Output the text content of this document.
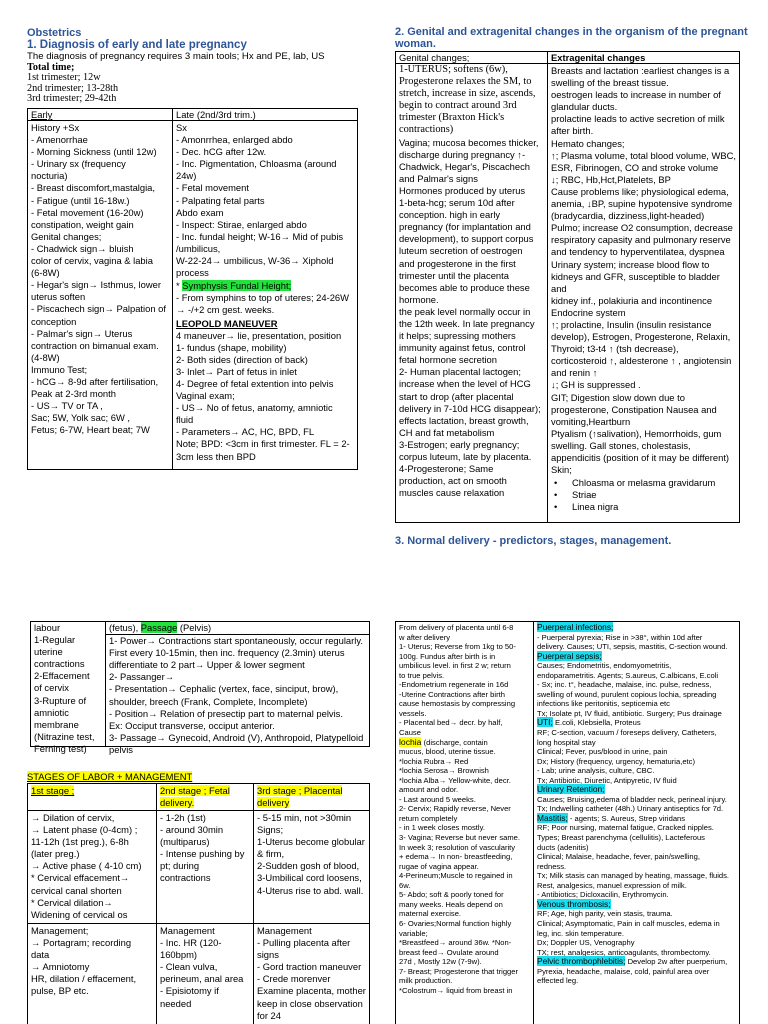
Obstetrics
1. Diagnosis of early and late pregnancy
The diagnosis of pregnancy requires 3 main tools; Hx and PE, lab, US
Total time;
1st trimester; 12w
2nd trimester; 13-28th
3rd trimester; 29-42th
Early
History +Sx
- Amenorrhae
- Morning Sickness (until 12w)
- Urinary sx (frequency
nocturia)
- Breast discomfort,mastalgia,
- Fatigue (until 16-18w.)
- Fetal movement (16-20w)
constipation, weight gain
Genital changes;
- Chadwick sign→ bluish
color of cervix, vagina & labia
(6-8W)
- Hegar's sign→ Isthmus, lower
uterus soften
- Piscachech sign→ Palpation of
conception
- Palmar's sign→ Uterus
contraction on bimanual exam.
(4-8W)
Immuno Test;
- hCG→ 8-9d after fertilisation,
Peak at 2-3rd month
- US→ TV or TA ,
Sac; 5W, Yolk sac; 6W ,
Fetus; 6-7W, Heart beat; 7W
Late (2nd/3rd trim.)
Sx
- Amonrrhea, enlarged abdo
- Dec. hCG after 12w.
- Inc. Pigmentation, Chloasma (around
24w)
- Fetal movement
- Palpating fetal parts
Abdo exam
- Inspect: Stirae, enlarged abdo
- Inc. fundal height; W-16→ Mid of pubis
/umbilicus,
W-22-24→ umbilicus, W-36→ Xiphold
process
* Symphysis Fundal Height;
- From symphins to top of uteres; 24-26W
→ -/+2 cm gest. weeks.
LEOPOLD MANEUVER
4 maneuver→ lie, presentation, position
1- fundus (shape, mobility)
2- Both sides (direction of back)
3- Inlet→ Part of fetus in inlet
4- Degree of fetal extention into pelvis
Vaginal exam;
- US→ No of fetus, anatomy, amniotic
fluid
- Parameters→ AC, HC, BPD, FL
Note; BPD: <3cm in first trimester. FL = 2-
3cm less then BPD
2. Genital and extragenital changes in the organism of the pregnant woman.
Genital changes;
1-UTERUS; softens (6w),
Progesterone relaxes the SM, to
stretch, increase in size, ascends,
begin to contract around 3rd
trimester (Braxton Hick's
contractions)
Vagina; mucosa becomes thicker,
discharge during pregnancy ↑-
Chadwick, Hegar's, Piscachech
and Palmar's signs
Hormones produced by uterus
1-beta-hcg; serum 10d after
conception. high in early
pregnancy (for implantation and
development), to support corpus
luteum secretion of oestrogen
and progesterone in the first
trimester until the placenta
becomes able to produce these
hormone.
the peak level normally occur in
the 12th week. In late pregnancy
it helps; supressing mothers
immunity against fetus, control
fetal hormone secretion
2- Human placental lactogen;
increase when the level of HCG
start to drop (after placental
delivery in 7-10d HCG disappear);
effects lactation, breast growth,
CH and fat metabolism
3-Estrogen; early pregnancy;
corpus luteum, late by placenta.
4-Progesterone; Same
production, act on smooth
muscles cause relaxation
Extragenital changes
Breasts and lactation :earliest changes is a
swelling of the breast tissue.
oestrogen leads to increase in number of
glandular ducts.
prolactine leads to active secretion of milk
after birth.
Hemato changes;
↑; Plasma volume, total blood volume, WBC,
ESR, Fibrinogen, CO and stroke volume
↓; RBC, Hb,Hct,Platelets, BP
Cause problems like; physiological edema,
anemia, ↓BP, supine hypotensive syndrome
(bradycardia, dizziness,light-headed)
Pulmo; increase O2 consumption, decrease
respiratory capasity and pulmonary reserve
and tendency to hyperventilatea, dyspnea
Urinary system; increase blood flow to
kidneys and GFR, susceptible to bladder and
kidney inf., polakiuria and incontinence
Endocrine system
↑; prolactine, Insulin (insulin resistance
develop), Estrogen, Progesterone, Relaxin,
Thyroid; t3-t4 ↑ (tsh decrease),
corticosteroid ↑, aldesterone ↑ , angiotensin
and renin ↑
↓; GH is suppressed .
GIT; Digestion slow down due to
progesterone, Constipation Nausea and
vomiting,Heartburn
Ptyalism (↑salivation), Hemorrhoids, gum
swelling. Gall stones, cholestasis,
appendicitis (position of it may be different)
Skin;
• Chloasma or melasma gravidarum
• Striae
• Linea nigra
3. Normal delivery - predictors, stages, management.
labour
1-Regular
uterine
contractions
2-Effacement
of cervix
3-Rupture of
amniotic
membrane
(Nitrazine test,
Ferning test)
(fetus), Passage (Pelvis)
1- Power→ Contractions start spontaneously, occur regularly.
First every 10-15min, then inc. frequency (2.3min) uterus
differentiate to 2 part→ Upper & lower segment
2- Passanger→
- Presentation→ Cephalic (vertex, face, sinciput, brow),
shoulder, breech (Frank, Complete, Incomplete)
- Position→ Relation of presectip part to maternal pelvis.
Ex: Occiput transverse, occiput anterior.
3- Passage→ Gynecoid, Android (V), Anthropoid, Platypelloid
pelvis
STAGES OF LABOR + MANAGEMENT
1st stage ;
→ Dilation of cervix,
→ Latent phase (0-4cm) ;
11-12h (1st preg.), 6-8h
(later preg.)
→ Active phase ( 4-10 cm)
* Cervical effacement→
cervical canal shorten
* Cervical dilation→
Widening of cervical os
Management;
→ Portagram; recording
data
→ Amniotomy
HR, dilation / effacement,
pulse, BP etc.
2nd stage ; Fetal
delivery.
- 1-2h (1st)
- around 30min
(multiparus)
- Intense pushing by
pt; during
contractions
Management
- Inc. HR (120-
160bpm)
- Clean vulva,
perineum, anal area
- Episiotomy if
needed
3rd stage ; Placental
delivery
- 5-15 min, not >30min
Signs;
1-Uterus become globular
& firm,
2-Sudden gosh of blood,
3-Umbilical cord loosens,
4-Uterus rise to abd. wall.
Management
- Pulling placenta after
signs
- Gord traction maneuver
- Crede morenver
Examine placenta, mother
keep in close observation
for 24
From delivery of placenta until 6-8
w after delivery
1- Uterus; Reverse from 1kg to 50-
100g. Fundus after birth is in
umbilicus level. in first 2 w; return
to true pelvis.
-Endometrium regenerate in 16d
-Uterine Contractions after birth
cause hemostasis by compressing
vessels.
- Placental bed→ decr. by half,
Cause
lochia (discharge, contain
mucus, blood, uterine tissue.
*lochia Rubra→ Red
*lochia Serosa→ Brownish
*lochia Alba→ Yellow-white, decr.
amount and odor.
- Last around 5 weeks.
2- Cervix; Rapidly reverse, Never
return completely
- in 1 week closes mostly.
3- Vagina; Reverse but never same.
In week 3; resolution of vascularity
+ edema→ In non- breastfeeding,
rugae of vagina appear.
4-Perineum;Muscle to regained in
6w.
5- Abdo; soft & poorly toned for
many weeks. Heals depend on
maternal exercise.
6- Ovaries;Normal function highly
variable;
*Breastfeed→ around 36w. *Non-
breast feed→ Ovulate around
27d , Mostly 12w (7-9w).
7- Breast; Progesterone that trigger
milk production.
*Colostrum→ liquid from breast in
Puerperal infections;
- Puerperal pyrexia; Rise in >38°, within 10d after
delivery. Causes; UTI, sepsis, mastitis, C-section wound.
Puerperal sepsis;
Causes; Endometritis, endomyometritis,
endoparametritis. Agents; S.aureus, C.albicans, E.coli
- Sx; inc. t°, headache, malaise, inc. pulse, redness,
swelling of wound, purulent copious lochia, spreading
infections like peritonitis, septicemia etc
Tx; Isolate pt, IV fluid, antibiotic. Surgery; Pus drainage
UTI; E.coli, Klebsiella, Proteus
RF; C-section, vacuum / foreseps delivery, Catheters,
long hospital stay
Clinical; Fever, pus/blood in urine, pain
Dx; History (frequency, urgency, hematuria,etc)
- Lab; urine analysis, culture, CBC.
Tx; Antibiotic, Diuretic, Antipyretic, IV fluid
Urinary Retention;
Causes; Bruising,edema of bladder neck, perineal injury.
Tx; Indwelling catheter (48h.) Urinary antiseptics for 7d.
Mastitis; - agents; S. Aureus, Strep viridans
RF; Poor nursing, maternal fatigue, Cracked nipples.
Types; Breast parenchyma (cellulitis), Lacteferous
ducts (adenitis)
Clinical; Malaise, headache, fever, pain/swelling,
redness.
Tx; Milk stasis can managed by heating, massage, fluids.
Rest, analgesics, manuel expression of milk.
- Antibiotics; Dicloxacilin, Erythromycin.
Venous thrombosis;
RF; Age, high parity, vein stasis, trauma.
Clinical; Asymptomatic, Pain in calf muscles, edema in
leg, inc. skin temperature.
Dx; Doppler US, Venography
TX; rest, analgesics, anticoagulants, thrombectomy.
Pelvic thrombophlebitis; Develop 2w after puerperium,
Pyrexia, headache, malaise, cold, painful area over
effected leg.
